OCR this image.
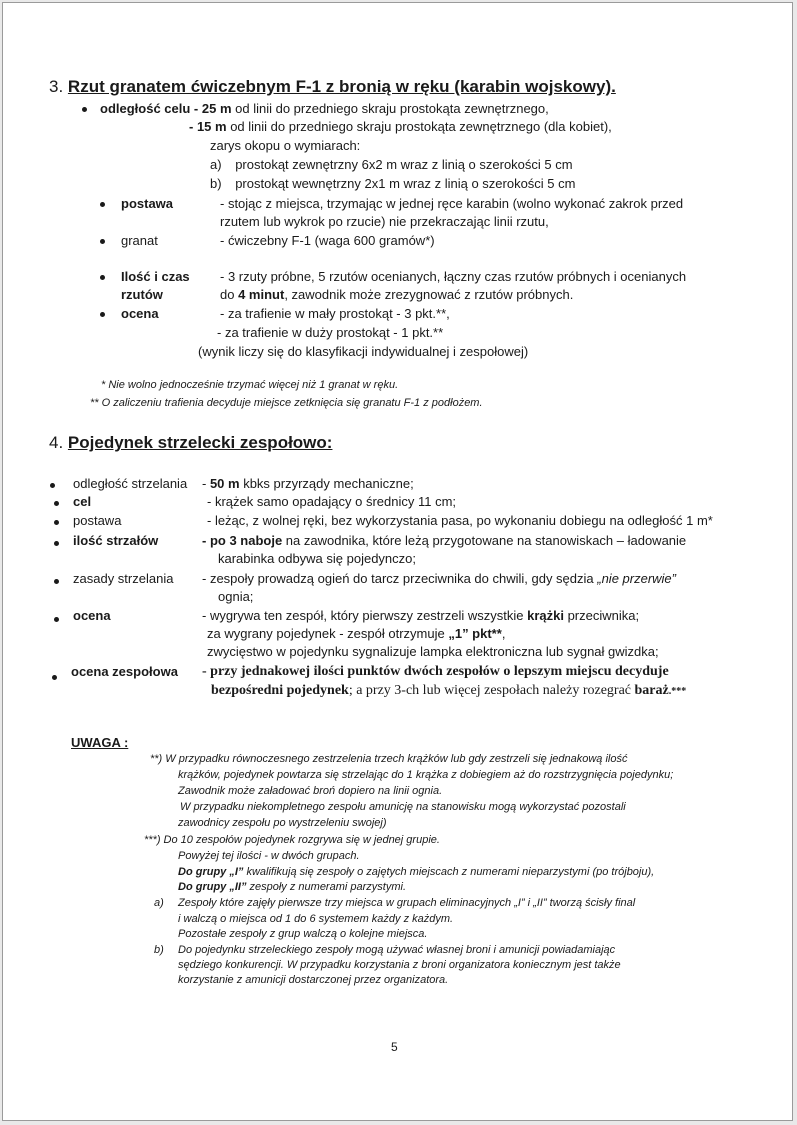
3. Rzut granatem ćwiczebnym F-1 z bronią w ręku (karabin wojskowy).
odległość celu - 25 m od linii do przedniego skraju prostokąta zewnętrznego,
- 15 m od linii do przedniego skraju prostokąta zewnętrznego (dla kobiet),
zarys okopu o wymiarach:
a) prostokąt zewnętrzny 6x2 m wraz z linią o szerokości 5 cm
b) prostokąt wewnętrzny 2x1 m wraz z linią o szerokości 5 cm
postawa	- stojąc z miejsca, trzymając w jednej ręce karabin (wolno wykonać zakrok przed
rzutem lub wykrok po rzucie) nie przekraczając linii rzutu,
granat	- ćwiczebny F-1 (waga 600 gramów*)
Ilość i czas
rzutów
- 3 rzuty próbne, 5 rzutów ocenianych, łączny czas rzutów próbnych i ocenianych
do 4 minut, zawodnik może zrezygnować z rzutów próbnych.
ocena	- za trafienie w mały prostokąt - 3 pkt.**,
- za trafienie w duży prostokąt - 1 pkt.**
(wynik liczy się do klasyfikacji indywidualnej i zespołowej)
* Nie wolno jednocześnie trzymać więcej niż 1 granat w ręku.
** O zaliczeniu trafienia decyduje miejsce zetknięcia się granatu F-1 z podłożem.
4. Pojedynek strzelecki zespołowo:
odległość strzelania - 50 m kbks przyrządy mechaniczne;
cel	- krążek samo opadający o średnicy 11 cm;
postawa	- leżąc, z wolnej ręki, bez wykorzystania pasa, po wykonaniu dobiegu na odległość 1 m*
ilość strzałów	- po 3 naboje na zawodnika, które leżą przygotowane na stanowiskach – ładowanie
karabinka odbywa się pojedynczo;
zasady strzelania - zespoły prowadzą ogień do tarcz przeciwnika do chwili, gdy sędzia „nie przerwie”
ognia;
ocena	- wygrywa ten zespół, który pierwszy zestrzeli wszystkie krążki przeciwnika;
za wygrany pojedynek - zespół otrzymuje „1” pkt**,
zwycięstwo w pojedynku sygnalizuje lampka elektroniczna lub sygnał gwizdka;
ocena zespołowa - przy jednakowej ilości punktów dwóch zespołów o lepszym miejscu decyduje
bezpośredni pojedynek; a przy 3-ch lub więcej zespołach należy rozegrać baraż.***
UWAGA :
**) W przypadku równoczesnego zestrzelenia trzech krążków lub gdy zestrzeli się jednakową ilość
krążków, pojedynek powtarza się strzelając do 1 krążka z dobiegiem aż do rozstrzygnięcia pojedynku;
Zawodnik może załadować broń dopiero na linii ognia.
W przypadku niekompletnego zespołu amunicję na stanowisku mogą wykorzystać pozostali
zawodnicy zespołu po wystrzeleniu swojej)
***) Do 10 zespołów pojedynek rozgrywa się w jednej grupie.
Powyżej tej ilości - w dwóch grupach.
Do grupy „I” kwalifikują się zespoły o zajętych miejscach z numerami nieparzystymi (po trójboju),
Do grupy „II” zespoły z numerami parzystymi.
a) Zespoły które zajęły pierwsze trzy miejsca w grupach eliminacyjnych „I” i „II” tworzą ścisły final
i walczą o miejsca od 1 do 6 systemem każdy z każdym.
Pozostałe zespoły z grup walczą o kolejne miejsca.
b) Do pojedynku strzeleckiego zespoły mogą używać własnej broni i amunicji powiadamiając
sędziego konkurencji. W przypadku korzystania z broni organizatora koniecznym jest także
korzystanie z amunicji dostarczonej przez organizatora.
5
